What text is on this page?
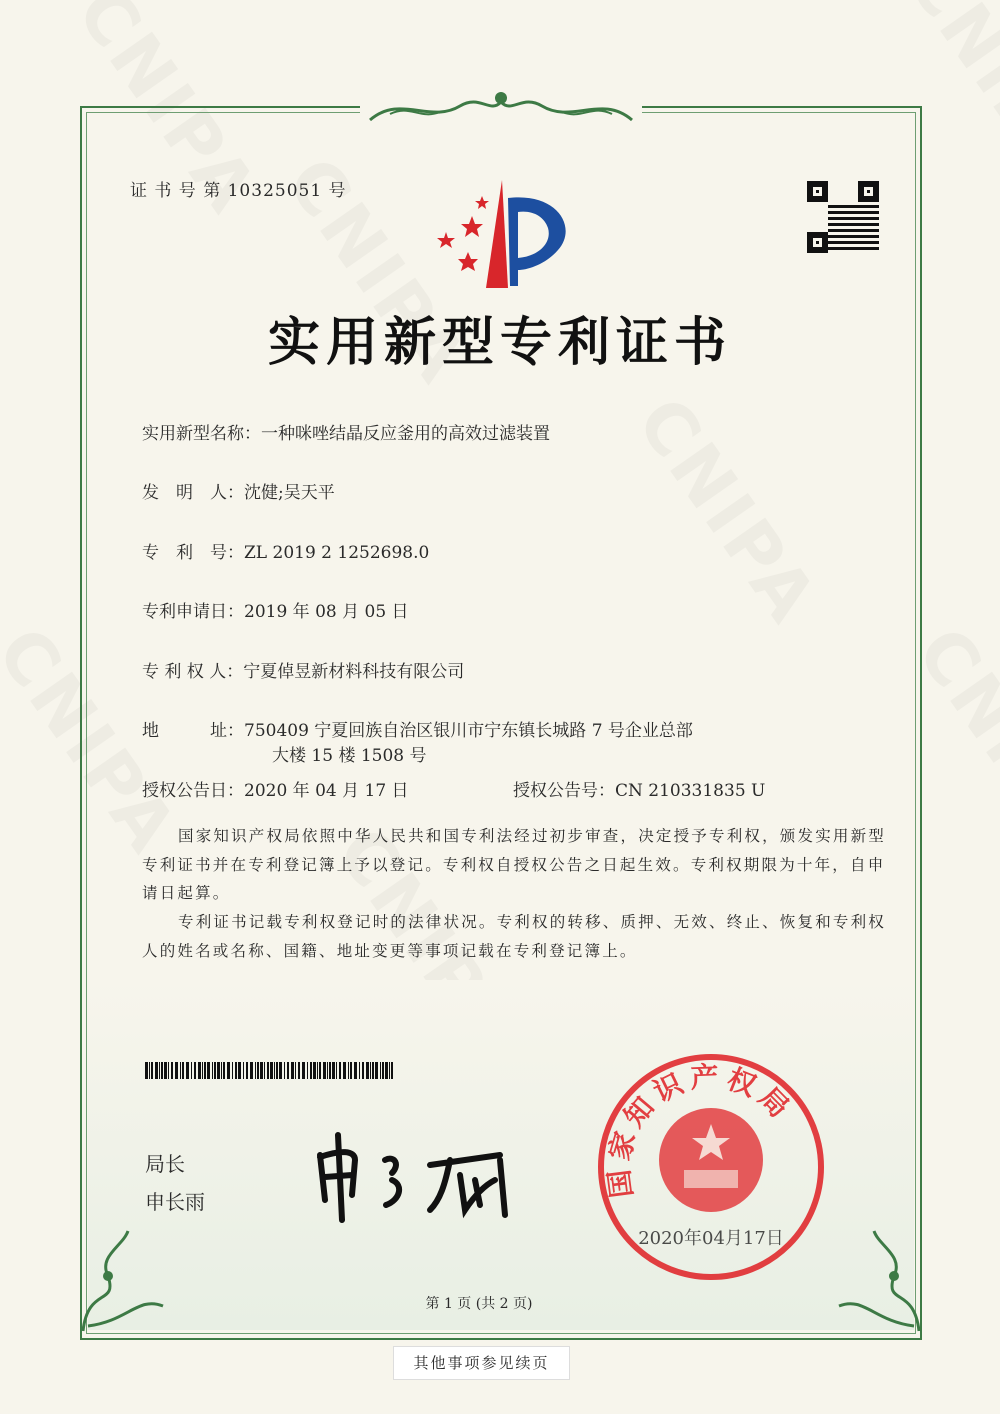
证 书 号 第 10325051 号
实用新型专利证书
实用新型名称：一种咪唑结晶反应釜用的高效过滤装置
发　明　人：沈健;吴天平
专　利　号：ZL 2019 2 1252698.0
专利申请日：2019 年 08 月 05 日
专 利 权 人：宁夏倬昱新材料科技有限公司
地　　　址：750409 宁夏回族自治区银川市宁东镇长城路 7 号企业总部
大楼 15 楼 1508 号
授权公告日：2020 年 04 月 17 日	授权公告号：CN 210331835 U
国家知识产权局依照中华人民共和国专利法经过初步审查，决定授予专利权，颁发实用新型专利证书并在专利登记簿上予以登记。专利权自授权公告之日起生效。专利权期限为十年，自申请日起算。
专利证书记载专利权登记时的法律状况。专利权的转移、质押、无效、终止、恢复和专利权人的姓名或名称、国籍、地址变更等事项记载在专利登记簿上。
局长
申长雨
国家知识产权局
2020年04月17日
第 1 页 (共 2 页)
其他事项参见续页
